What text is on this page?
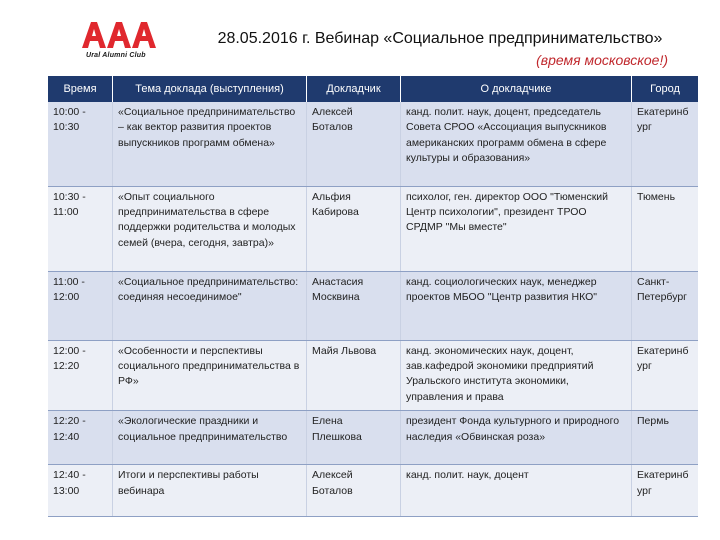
Ural Alumni Club
28.05.2016 г. Вебинар «Социальное предпринимательство»
(время московское!)
Время	Тема доклада (выступления)	Докладчик	О докладчике	Город
10:00 - 10:30	«Социальное предпринимательство – как вектор развития проектов выпускников программ обмена»	Алексей Боталов	канд. полит. наук, доцент, председатель Совета СРОО «Ассоциация выпускников американских программ обмена в сфере культуры и образования»	Екатеринбург
10:30 - 11:00	«Опыт социального предпринимательства в сфере поддержки родительства и молодых семей (вчера, сегодня, завтра)»	Альфия Кабирова	психолог, ген. директор ООО "Тюменский Центр психологии", президент ТРОО СРДМР "Мы вместе"	Тюмень
11:00 - 12:00	«Социальное предпринимательство: соединяя несоединимое"	Анастасия Москвина	канд. социологических наук, менеджер проектов МБОО "Центр развития НКО"	Санкт-Петербург
12:00 - 12:20	«Особенности и перспективы социального предпринимательства в РФ»	Майя Львова	канд. экономических наук, доцент, зав.кафедрой экономики предприятий Уральского института экономики, управления и права	Екатеринбург
12:20 - 12:40	«Экологические праздники и социальное предпринимательство	Елена Плешкова	президент Фонда культурного и природного наследия «Обвинская роза»	Пермь
12:40 - 13:00	Итоги и перспективы работы вебинара	Алексей Боталов	канд. полит. наук, доцент	Екатеринбург
